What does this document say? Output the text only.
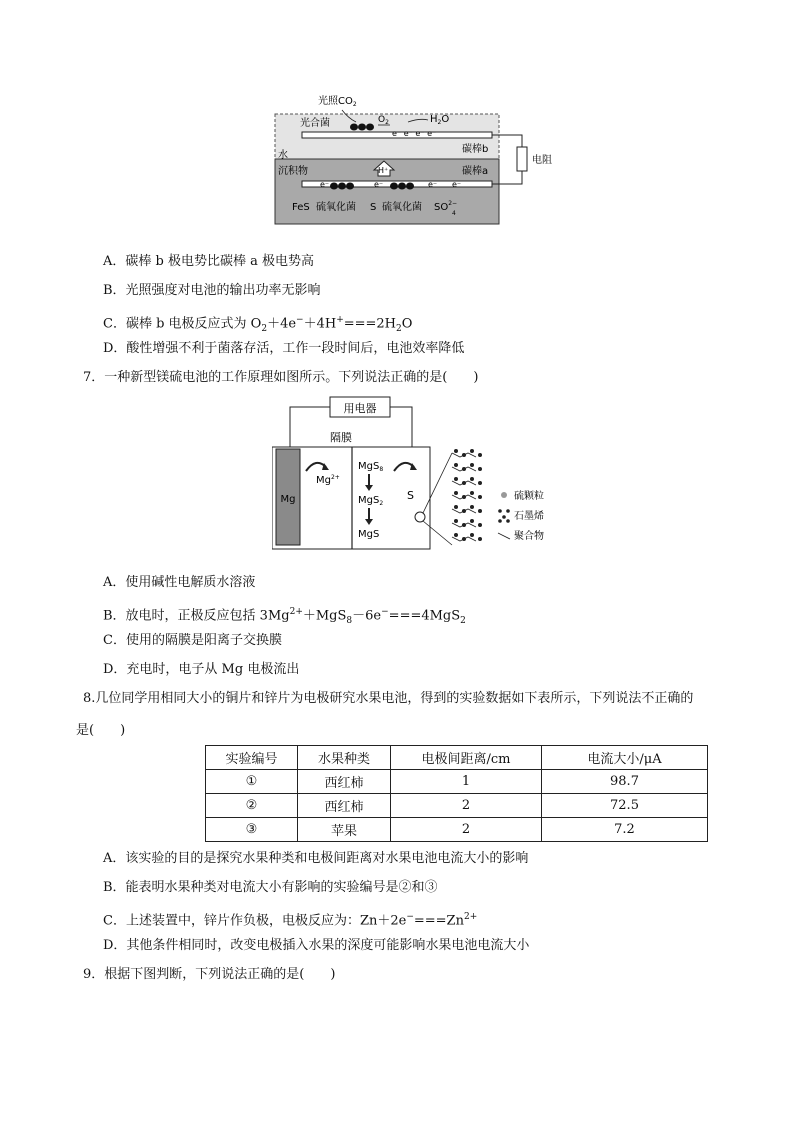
光照$CO_2$
光合菌	$O_2$	$H_2O$
e⁻ e⁻ e⁻ e⁻
碳棒b
电阻
水
H⁺
沉积物	碳棒a
e⁻	e⁻	e⁻ e⁻
FeS 硫氧化菌 S 硫氧化菌 $SO^{2-}$
4
A．碳棒 b 极电势比碳棒 a 极电势高
B．光照强度对电池的输出功率无影响
C．碳棒 b 电极反应式为 $O_2+4e^-+4H^+===2H_2O$
D．酸性增强不利于菌落存活，工作一段时间后，电池效率降低
7．一种新型镁硫电池的工作原理如图所示。下列说法正确的是(　　)
用电器
隔膜
Mg
$Mg^{2+}$
MgS$_8$
MgS$_2$
MgS
S	硫颗粒
石墨烯
聚合物
A．使用碱性电解质水溶液
B．放电时，正极反应包括 $3Mg^{2+}+MgS_8-6e^-===4MgS_2$
C．使用的隔膜是阳离子交换膜
D．充电时，电子从 Mg 电极流出
8.几位同学用相同大小的铜片和锌片为电极研究水果电池，得到的实验数据如下表所示，下列说法不正确的
是(　　)
实验编号	水果种类	电极间距离/cm	电流大小/μA
①	西红柿	1	98.7
②	西红柿	2	72.5
③	苹果	2	7.2
A．该实验的目的是探究水果种类和电极间距离对水果电池电流大小的影响
B．能表明水果种类对电流大小有影响的实验编号是②和③
C．上述装置中，锌片作负极，电极反应为：$Zn+2e^-===Zn^{2+}$
D．其他条件相同时，改变电极插入水果的深度可能影响水果电池电流大小
9．根据下图判断，下列说法正确的是(　　)
